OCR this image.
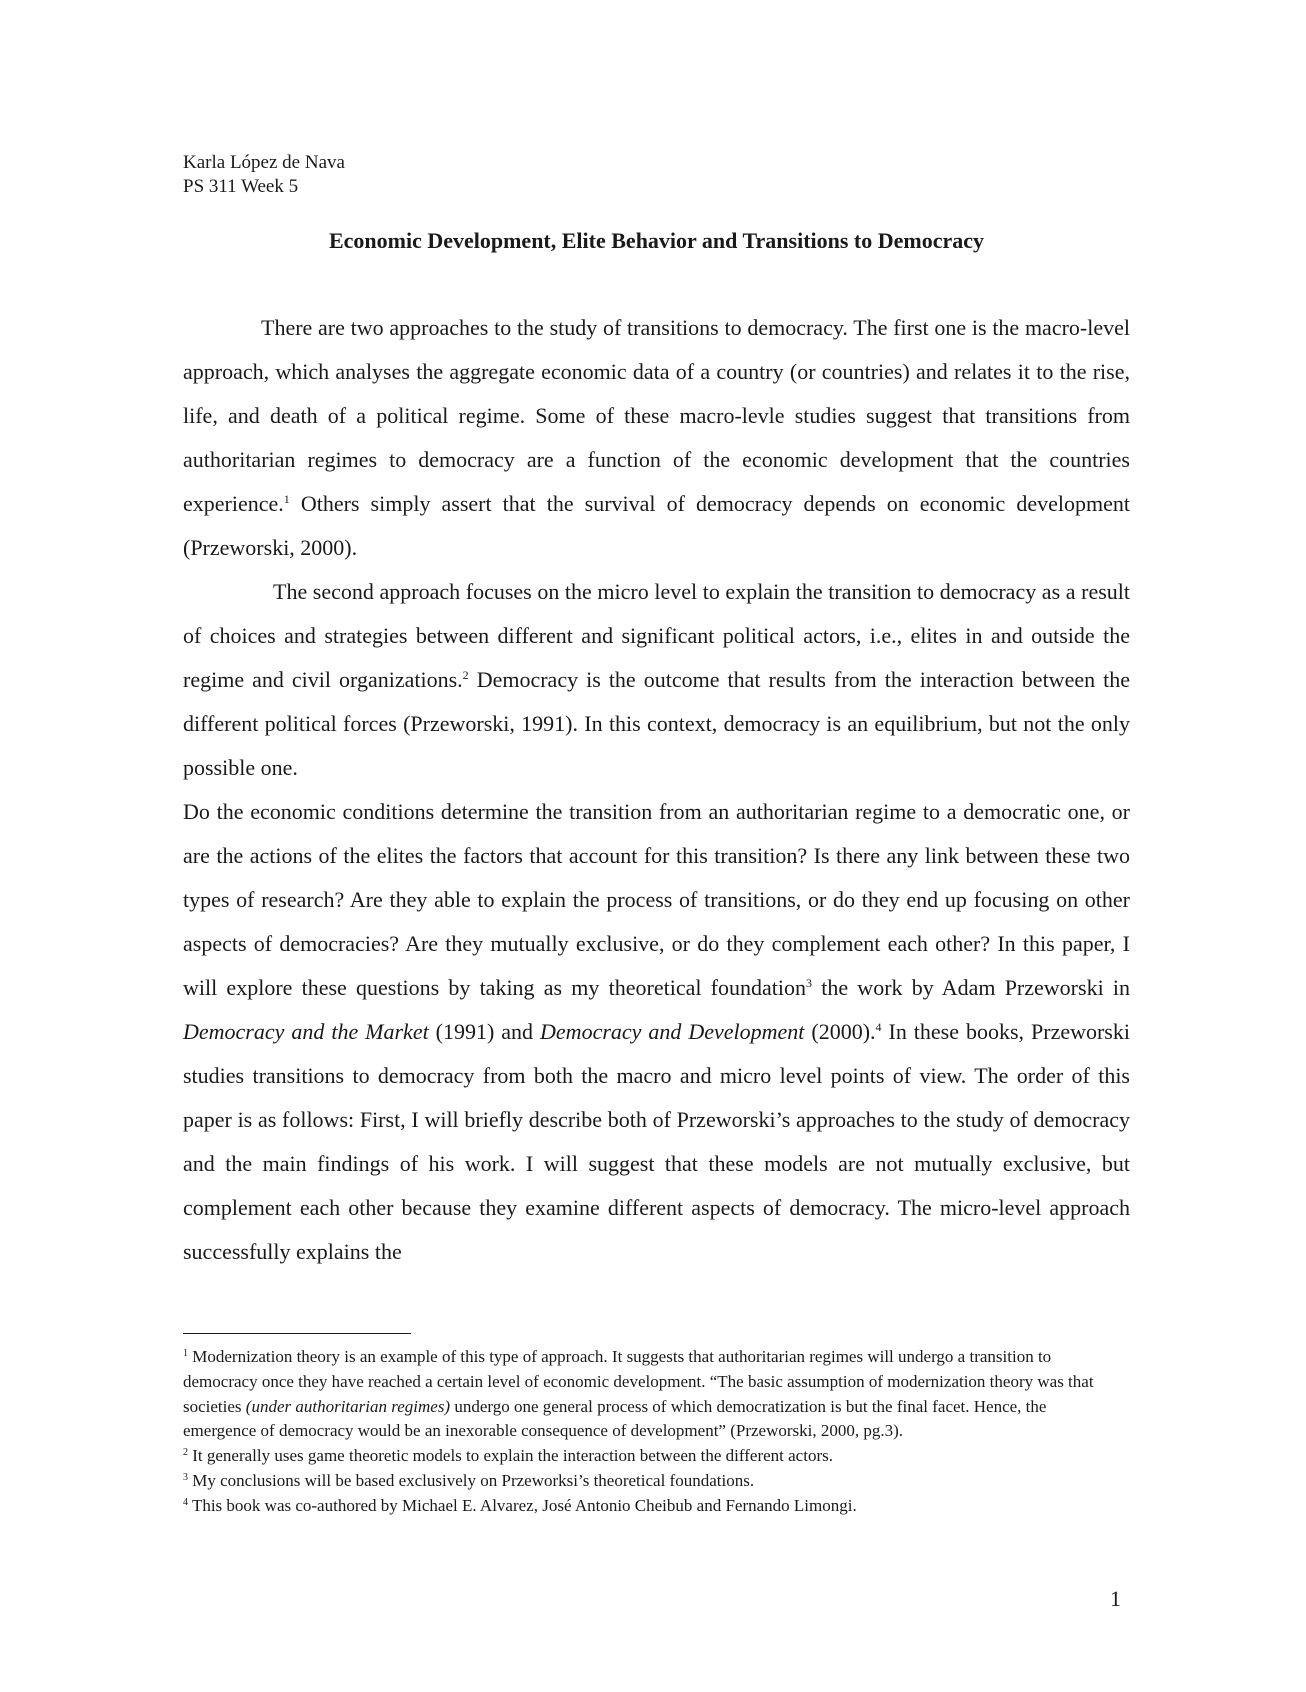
Karla López de Nava
PS 311 Week 5
Economic Development, Elite Behavior and Transitions to Democracy

There are two approaches to the study of transitions to democracy. The first one is the macro-level approach, which analyses the aggregate economic data of a country (or countries) and relates it to the rise, life, and death of a political regime. Some of these macro-levle studies suggest that transitions from authoritarian regimes to democracy are a function of the economic development that the countries experience.$^1$ Others simply assert that the survival of democracy depends on economic development (Przeworski, 2000).

The second approach focuses on the micro level to explain the transition to democracy as a result of choices and strategies between different and significant political actors, i.e., elites in and outside the regime and civil organizations.$^2$ Democracy is the outcome that results from the interaction between the different political forces (Przeworski, 1991). In this context, democracy is an equilibrium, but not the only possible one.

Do the economic conditions determine the transition from an authoritarian regime to a democratic one, or are the actions of the elites the factors that account for this transition? Is there any link between these two types of research? Are they able to explain the process of transitions, or do they end up focusing on other aspects of democracies? Are they mutually exclusive, or do they complement each other? In this paper, I will explore these questions by taking as my theoretical foundation$^3$ the work by Adam Przeworski in Democracy and the Market (1991) and Democracy and Development (2000).$^4$ In these books, Przeworski studies transitions to democracy from both the macro and micro level points of view. The order of this paper is as follows: First, I will briefly describe both of Przeworski’s approaches to the study of democracy and the main findings of his work. I will suggest that these models are not mutually exclusive, but complement each other because they examine different aspects of democracy. The micro-level approach successfully explains the

$^1$ Modernization theory is an example of this type of approach. It suggests that authoritarian regimes will undergo a transition to democracy once they have reached a certain level of economic development. “The basic assumption of modernization theory was that societies (under authoritarian regimes) undergo one general process of which democratization is but the final facet. Hence, the emergence of democracy would be an inexorable consequence of development” (Przeworski, 2000, pg.3).

$^2$ It generally uses game theoretic models to explain the interaction between the different actors.

$^3$ My conclusions will be based exclusively on Przeworksi’s theoretical foundations.

$^4$ This book was co-authored by Michael E. Alvarez, José Antonio Cheibub and Fernando Limongi.

1
